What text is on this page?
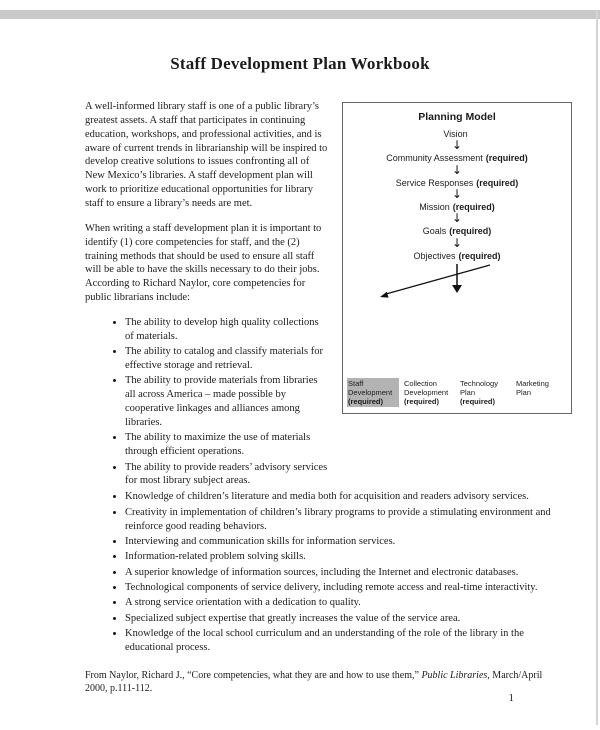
Staff Development Plan Workbook
Planning Model
Vision
↓
Community Assessment (required)
↓
Service Responses (required)
↓
Mission (required)
↓
Goals (required)
↓
Objectives (required)
Staff Development (required)
Collection Development (required)
Technology Plan (required)
Marketing Plan

A well-informed library staff is one of a public library’s greatest assets. A staff that participates in continuing education, workshops, and professional activities, and is aware of current trends in librarianship will be inspired to develop creative solutions to issues confronting all of New Mexico’s libraries. A staff development plan will work to prioritize educational opportunities for library staff to ensure a library’s needs are met.

When writing a staff development plan it is important to identify (1) core competencies for staff, and the (2) training methods that should be used to ensure all staff will be able to have the skills necessary to do their jobs. According to Richard Naylor, core competencies for public librarians include:

• The ability to develop high quality collections of materials.
• The ability to catalog and classify materials for effective storage and retrieval.
• The ability to provide materials from libraries all across America – made possible by cooperative linkages and alliances among libraries.
• The ability to maximize the use of materials through efficient operations.
• The ability to provide readers’ advisory services for most library subject areas.
• Knowledge of children’s literature and media both for acquisition and readers advisory services.
• Creativity in implementation of children’s library programs to provide a stimulating environment and reinforce good reading behaviors.
• Interviewing and communication skills for information services.
• Information-related problem solving skills.
• A superior knowledge of information sources, including the Internet and electronic databases.
• Technological components of service delivery, including remote access and real-time interactivity.
• A strong service orientation with a dedication to quality.
• Specialized subject expertise that greatly increases the value of the service area.
• Knowledge of the local school curriculum and an understanding of the role of the library in the educational process.

From Naylor, Richard J., “Core competencies, what they are and how to use them,” Public Libraries, March/April 2000, p.111-112.

1
